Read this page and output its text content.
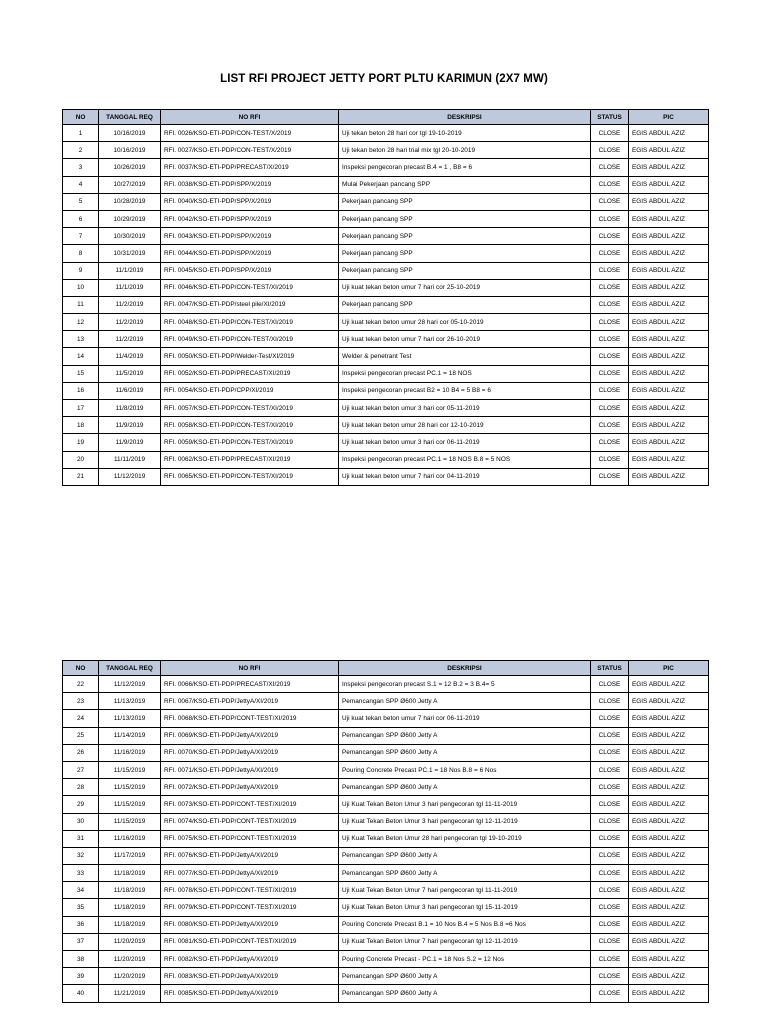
LIST RFI PROJECT JETTY PORT PLTU KARIMUN (2X7 MW)
NO	TANGGAL REQ	NO RFI	DESKRIPSI	STATUS	PIC
1	10/16/2019	RFI. 0026/KSO-ETI-PDP/CON-TEST/X/2019	Uji tekan beton 28 hari cor tgl 19-10-2019	CLOSE	EGIS ABDUL AZIZ
2	10/16/2019	RFI. 0027/KSO-ETI-PDP/CON-TEST/X/2019	Uji tekan beton 28 hari trial mix tgl 20-10-2019	CLOSE	EGIS ABDUL AZIZ
3	10/26/2019	RFI. 0037/KSO-ETI-PDP/PRECAST/X/2019	Inspeksi pengecoran precast B.4 = 1 , B8 = 6	CLOSE	EGIS ABDUL AZIZ
4	10/27/2019	RFI. 0038/KSO-ETI-PDP/SPP/X/2019	Mulai Pekerjaan pancang SPP	CLOSE	EGIS ABDUL AZIZ
5	10/28/2019	RFI. 0040/KSO-ETI-PDP/SPP/X/2019	Pekerjaan pancang SPP	CLOSE	EGIS ABDUL AZIZ
6	10/29/2019	RFI. 0042/KSO-ETI-PDP/SPP/X/2019	Pekerjaan pancang SPP	CLOSE	EGIS ABDUL AZIZ
7	10/30/2019	RFI. 0043/KSO-ETI-PDP/SPP/X/2019	Pekerjaan pancang SPP	CLOSE	EGIS ABDUL AZIZ
8	10/31/2019	RFI. 0044/KSO-ETI-PDP/SPP/X/2019	Pekerjaan pancang SPP	CLOSE	EGIS ABDUL AZIZ
9	11/1/2019	RFI. 0045/KSO-ETI-PDP/SPP/X/2019	Pekerjaan pancang SPP	CLOSE	EGIS ABDUL AZIZ
10	11/1/2019	RFI. 0046/KSO-ETI-PDP/CON-TEST/XI/2019	Uji kuat tekan beton umur 7 hari cor 25-10-2019	CLOSE	EGIS ABDUL AZIZ
11	11/2/2019	RFI. 0047/KSO-ETI-PDP/steel pile/XI/2019	Pekerjaan pancang SPP	CLOSE	EGIS ABDUL AZIZ
12	11/2/2019	RFI. 0048/KSO-ETI-PDP/CON-TEST/XI/2019	Uji kuat tekan beton umur 28 hari cor 05-10-2019	CLOSE	EGIS ABDUL AZIZ
13	11/2/2019	RFI. 0049/KSO-ETI-PDP/CON-TEST/XI/2019	Uji kuat tekan beton umur 7 hari cor 26-10-2019	CLOSE	EGIS ABDUL AZIZ
14	11/4/2019	RFI. 0050/KSO-ETI-PDP/Welder-Test/XI/2019	Welder & penetrant Test	CLOSE	EGIS ABDUL AZIZ
15	11/5/2019	RFI. 0052/KSO-ETI-PDP/PRECAST/XI/2019	Inspeksi pengecoran precast PC.1 = 18 NOS	CLOSE	EGIS ABDUL AZIZ
16	11/6/2019	RFI. 0054/KSO-ETI-PDP/CPP/XI/2019	Inspeksi pengecoran precast B2 = 10 B4 = 5 B8 = 6	CLOSE	EGIS ABDUL AZIZ
17	11/8/2019	RFI. 0057/KSO-ETI-PDP/CON-TEST/XI/2019	Uji kuat tekan beton umur 3 hari cor 05-11-2019	CLOSE	EGIS ABDUL AZIZ
18	11/9/2019	RFI. 0058/KSO-ETI-PDP/CON-TEST/XI/2019	Uji kuat tekan beton umur 28 hari cor 12-10-2019	CLOSE	EGIS ABDUL AZIZ
19	11/9/2019	RFI. 0059/KSO-ETI-PDP/CON-TEST/XI/2019	Uji kuat tekan beton umur 3 hari cor 06-11-2019	CLOSE	EGIS ABDUL AZIZ
20	11/11/2019	RFI. 0062/KSO-ETI-PDP/PRECAST/XI/2019	Inspeksi pengecoran precast PC.1 = 18 NOS B.8 = 5 NOS	CLOSE	EGIS ABDUL AZIZ
21	11/12/2019	RFI. 0065/KSO-ETI-PDP/CON-TEST/XI/2019	Uji kuat tekan beton umur 7 hari cor 04-11-2019	CLOSE	EGIS ABDUL AZIZ
NO	TANGGAL REQ	NO RFI	DESKRIPSI	STATUS	PIC
22	11/12/2019	RFI. 0066/KSO-ETI-PDP/PRECAST/XI/2019	Inspeksi pengecoran precast S.1 = 12 B.2 = 3 B.4= 5	CLOSE	EGIS ABDUL AZIZ
23	11/13/2019	RFI. 0067/KSO-ETI-PDP/JettyA/XI/2019	Pemancangan SPP Ø600 Jetty A	CLOSE	EGIS ABDUL AZIZ
24	11/13/2019	RFI. 0068/KSO-ETI-PDP/CONT-TEST/XI/2019	Uji kuat tekan beton umur 7 hari cor 06-11-2019	CLOSE	EGIS ABDUL AZIZ
25	11/14/2019	RFI. 0069/KSO-ETI-PDP/JettyA/XI/2019	Pemancangan SPP Ø600 Jetty A	CLOSE	EGIS ABDUL AZIZ
26	11/16/2019	RFI. 0070/KSO-ETI-PDP/JettyA/XI/2019	Pemancangan SPP Ø600 Jetty A	CLOSE	EGIS ABDUL AZIZ
27	11/15/2019	RFI. 0071/KSO-ETI-PDP/JettyA/XI/2019	Pouring Concrete Precast PC.1 = 18 Nos B.8 = 6 Nos	CLOSE	EGIS ABDUL AZIZ
28	11/15/2019	RFI. 0072/KSO-ETI-PDP/JettyA/XI/2019	Pemancangan SPP Ø600 Jetty A	CLOSE	EGIS ABDUL AZIZ
29	11/15/2019	RFI. 0073/KSO-ETI-PDP/CONT-TEST/XI/2019	Uji Kuat Tekan Beton Umur 3 hari pengecoran tgl 11-11-2019	CLOSE	EGIS ABDUL AZIZ
30	11/15/2019	RFI. 0074/KSO-ETI-PDP/CONT-TEST/XI/2019	Uji Kuat Tekan Beton Umur 3 hari pengecoran tgl 12-11-2019	CLOSE	EGIS ABDUL AZIZ
31	11/16/2019	RFI. 0075/KSO-ETI-PDP/CONT-TEST/XI/2019	Uji Kuat Tekan Beton Umur 28 hari pengecoran tgl 19-10-2019	CLOSE	EGIS ABDUL AZIZ
32	11/17/2019	RFI. 0076/KSO-ETI-PDP/JettyA/XI/2019	Pemancangan SPP Ø600 Jetty A	CLOSE	EGIS ABDUL AZIZ
33	11/18/2019	RFI. 0077/KSO-ETI-PDP/JettyA/XI/2019	Pemancangan SPP Ø600 Jetty A	CLOSE	EGIS ABDUL AZIZ
34	11/18/2019	RFI. 0078/KSO-ETI-PDP/CONT-TEST/XI/2019	Uji Kuat Tekan Beton Umur 7 hari pengecoran tgl 11-11-2019	CLOSE	EGIS ABDUL AZIZ
35	11/18/2019	RFI. 0079/KSO-ETI-PDP/CONT-TEST/XI/2019	Uji Kuat Tekan Beton Umur 3 hari pengecoran tgl 15-11-2019	CLOSE	EGIS ABDUL AZIZ
36	11/18/2019	RFI. 0080/KSO-ETI-PDP/JettyA/XI/2019	Pouring Concrete Precast B.1 = 10 Nos B.4 = 5 Nos B.8 =6 Nos	CLOSE	EGIS ABDUL AZIZ
37	11/20/2019	RFI. 0081/KSO-ETI-PDP/CONT-TEST/XI/2019	Uji Kuat Tekan Beton Umur 7 hari pengecoran tgl 12-11-2019	CLOSE	EGIS ABDUL AZIZ
38	11/20/2019	RFI. 0082/KSO-ETI-PDP/JettyA/XI/2019	Pouring Concrete Precast - PC.1 = 18 Nos S.2 = 12 Nos	CLOSE	EGIS ABDUL AZIZ
39	11/20/2019	RFI. 0083/KSO-ETI-PDP/JettyA/XI/2019	Pemancangan SPP Ø600 Jetty A	CLOSE	EGIS ABDUL AZIZ
40	11/21/2019	RFI. 0085/KSO-ETI-PDP/JettyA/XI/2019	Pemancangan SPP Ø600 Jetty A	CLOSE	EGIS ABDUL AZIZ
